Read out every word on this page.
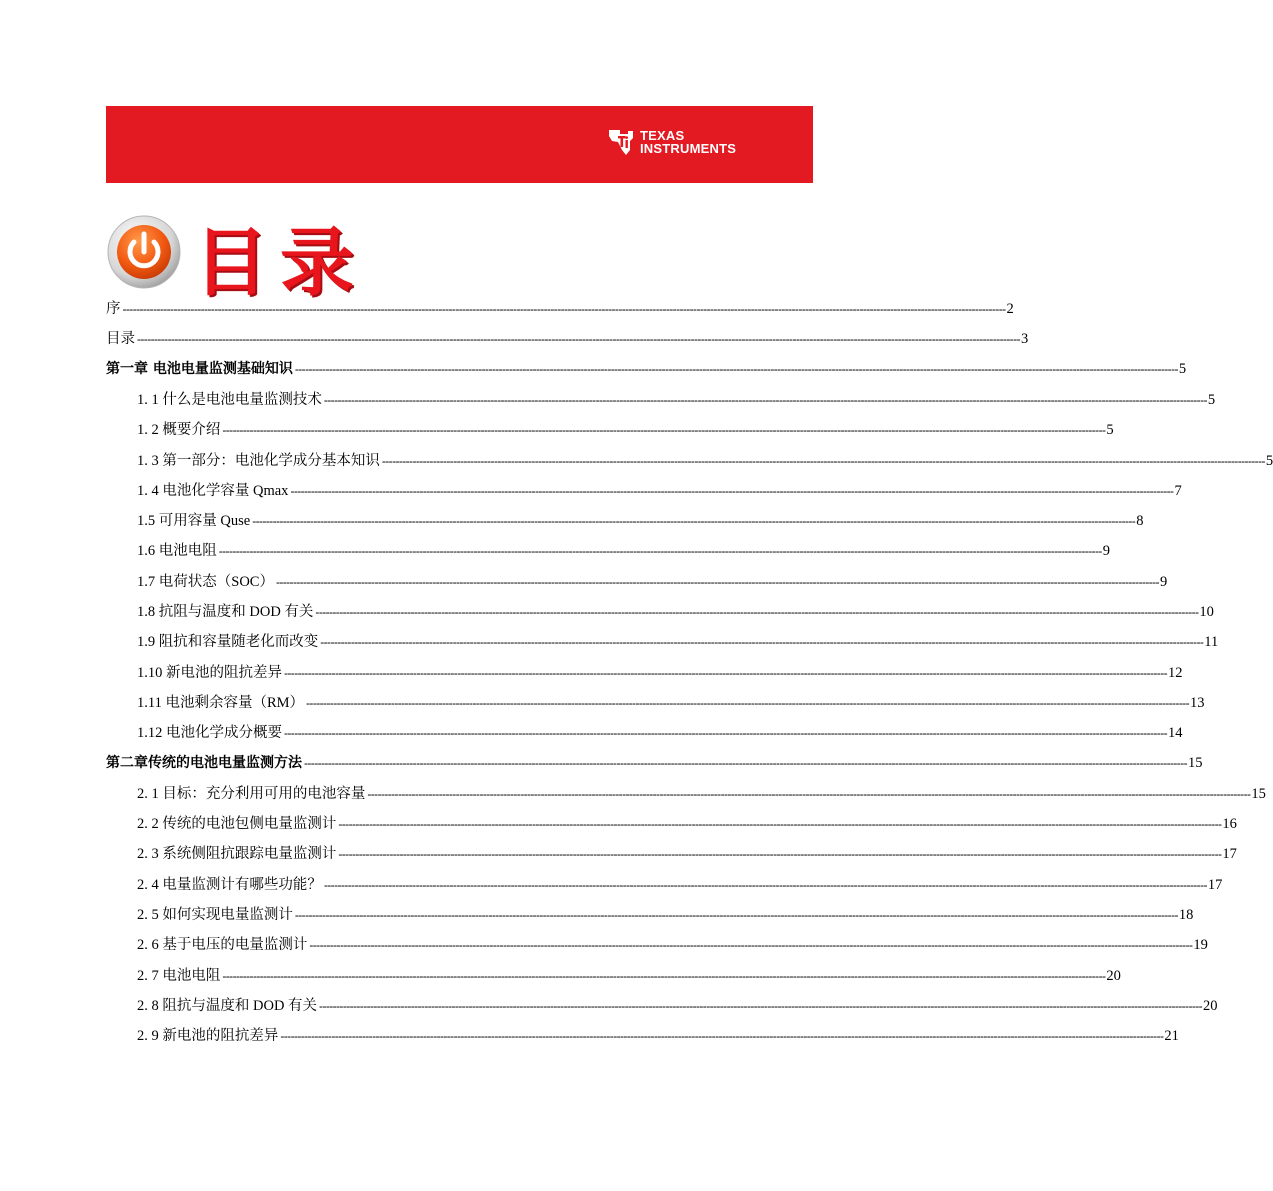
TEXAS
INSTRUMENTS
目录
序 -------------------------------------------------------------------------------------------------------------------------------------------------------------------------------------------------------------------------------------------------------------------- 2
目录 -------------------------------------------------------------------------------------------------------------------------------------------------------------------------------------------------------------------------------------------------------------------- 3
第一章 电池电量监测基础知识 -------------------------------------------------------------------------------------------------------------------------------------------------------------------------------------------------------------------------------------------------------------------- 5
1. 1 什么是电池电量监测技术 -------------------------------------------------------------------------------------------------------------------------------------------------------------------------------------------------------------------------------------------------------------------- 5
1. 2 概要介绍 -------------------------------------------------------------------------------------------------------------------------------------------------------------------------------------------------------------------------------------------------------------------- 5
1. 3 第一部分：电池化学成分基本知识 -------------------------------------------------------------------------------------------------------------------------------------------------------------------------------------------------------------------------------------------------------------------- 5
1. 4 电池化学容量 Qmax -------------------------------------------------------------------------------------------------------------------------------------------------------------------------------------------------------------------------------------------------------------------- 7
1.5 可用容量 Quse -------------------------------------------------------------------------------------------------------------------------------------------------------------------------------------------------------------------------------------------------------------------- 8
1.6 电池电阻 -------------------------------------------------------------------------------------------------------------------------------------------------------------------------------------------------------------------------------------------------------------------- 9
1.7 电荷状态（SOC） -------------------------------------------------------------------------------------------------------------------------------------------------------------------------------------------------------------------------------------------------------------------- 9
1.8 抗阻与温度和 DOD 有关 -------------------------------------------------------------------------------------------------------------------------------------------------------------------------------------------------------------------------------------------------------------------- 10
1.9 阻抗和容量随老化而改变 -------------------------------------------------------------------------------------------------------------------------------------------------------------------------------------------------------------------------------------------------------------------- 11
1.10 新电池的阻抗差异 -------------------------------------------------------------------------------------------------------------------------------------------------------------------------------------------------------------------------------------------------------------------- 12
1.11 电池剩余容量（RM） -------------------------------------------------------------------------------------------------------------------------------------------------------------------------------------------------------------------------------------------------------------------- 13
1.12 电池化学成分概要 -------------------------------------------------------------------------------------------------------------------------------------------------------------------------------------------------------------------------------------------------------------------- 14
第二章传统的电池电量监测方法 -------------------------------------------------------------------------------------------------------------------------------------------------------------------------------------------------------------------------------------------------------------------- 15
2. 1 目标：充分利用可用的电池容量 -------------------------------------------------------------------------------------------------------------------------------------------------------------------------------------------------------------------------------------------------------------------- 15
2. 2 传统的电池包侧电量监测计 -------------------------------------------------------------------------------------------------------------------------------------------------------------------------------------------------------------------------------------------------------------------- 16
2. 3 系统侧阻抗跟踪电量监测计 -------------------------------------------------------------------------------------------------------------------------------------------------------------------------------------------------------------------------------------------------------------------- 17
2. 4 电量监测计有哪些功能？ -------------------------------------------------------------------------------------------------------------------------------------------------------------------------------------------------------------------------------------------------------------------- 17
2. 5 如何实现电量监测计 -------------------------------------------------------------------------------------------------------------------------------------------------------------------------------------------------------------------------------------------------------------------- 18
2. 6 基于电压的电量监测计 -------------------------------------------------------------------------------------------------------------------------------------------------------------------------------------------------------------------------------------------------------------------- 19
2. 7 电池电阻 -------------------------------------------------------------------------------------------------------------------------------------------------------------------------------------------------------------------------------------------------------------------- 20
2. 8 阻抗与温度和 DOD 有关 -------------------------------------------------------------------------------------------------------------------------------------------------------------------------------------------------------------------------------------------------------------------- 20
2. 9 新电池的阻抗差异 -------------------------------------------------------------------------------------------------------------------------------------------------------------------------------------------------------------------------------------------------------------------- 21
